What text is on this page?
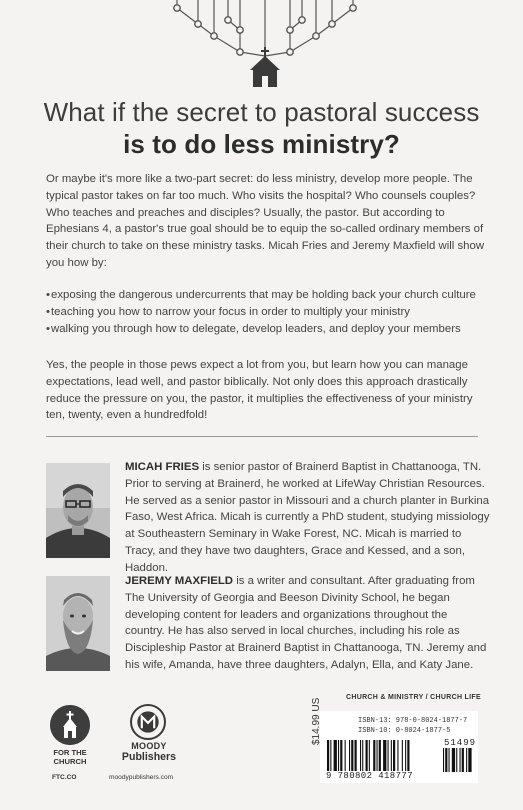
What if the secret to pastoral success
is to do less ministry?

Or maybe it's more like a two-part secret: do less ministry, develop more people. The typical pastor takes on far too much. Who visits the hospital? Who counsels couples? Who teaches and preaches and disciples? Usually, the pastor. But according to Ephesians 4, a pastor's true goal should be to equip the so-called ordinary members of their church to take on these ministry tasks. Micah Fries and Jeremy Maxfield will show you how by:

• exposing the dangerous undercurrents that may be holding back your church culture
• teaching you how to narrow your focus in order to multiply your ministry
• walking you through how to delegate, develop leaders, and deploy your members

Yes, the people in those pews expect a lot from you, but learn how you can manage expectations, lead well, and pastor biblically. Not only does this approach drastically reduce the pressure on you, the pastor, it multiplies the effectiveness of your ministry ten, twenty, even a hundredfold!

MICAH FRIES is senior pastor of Brainerd Baptist in Chattanooga, TN. Prior to serving at Brainerd, he worked at LifeWay Christian Resources. He served as a senior pastor in Missouri and a church planter in Burkina Faso, West Africa. Micah is currently a PhD student, studying missiology at Southeastern Seminary in Wake Forest, NC. Micah is married to Tracy, and they have two daughters, Grace and Kessed, and a son, Haddon.

JEREMY MAXFIELD is a writer and consultant. After graduating from The University of Georgia and Beeson Divinity School, he began developing content for leaders and organizations throughout the country. He has also served in local churches, including his role as Discipleship Pastor at Brainerd Baptist in Chattanooga, TN. Jeremy and his wife, Amanda, have three daughters, Adalyn, Ella, and Katy Jane.

FOR THE CHURCH
FTC.CO
MOODY
Publishers
moodypublishers.com
CHURCH & MINISTRY / CHURCH LIFE
$14.99 US	ISBN-13: 978-0-8024-1877-7
ISBN-10: 0-8024-1877-5
51499
9 780802 418777
